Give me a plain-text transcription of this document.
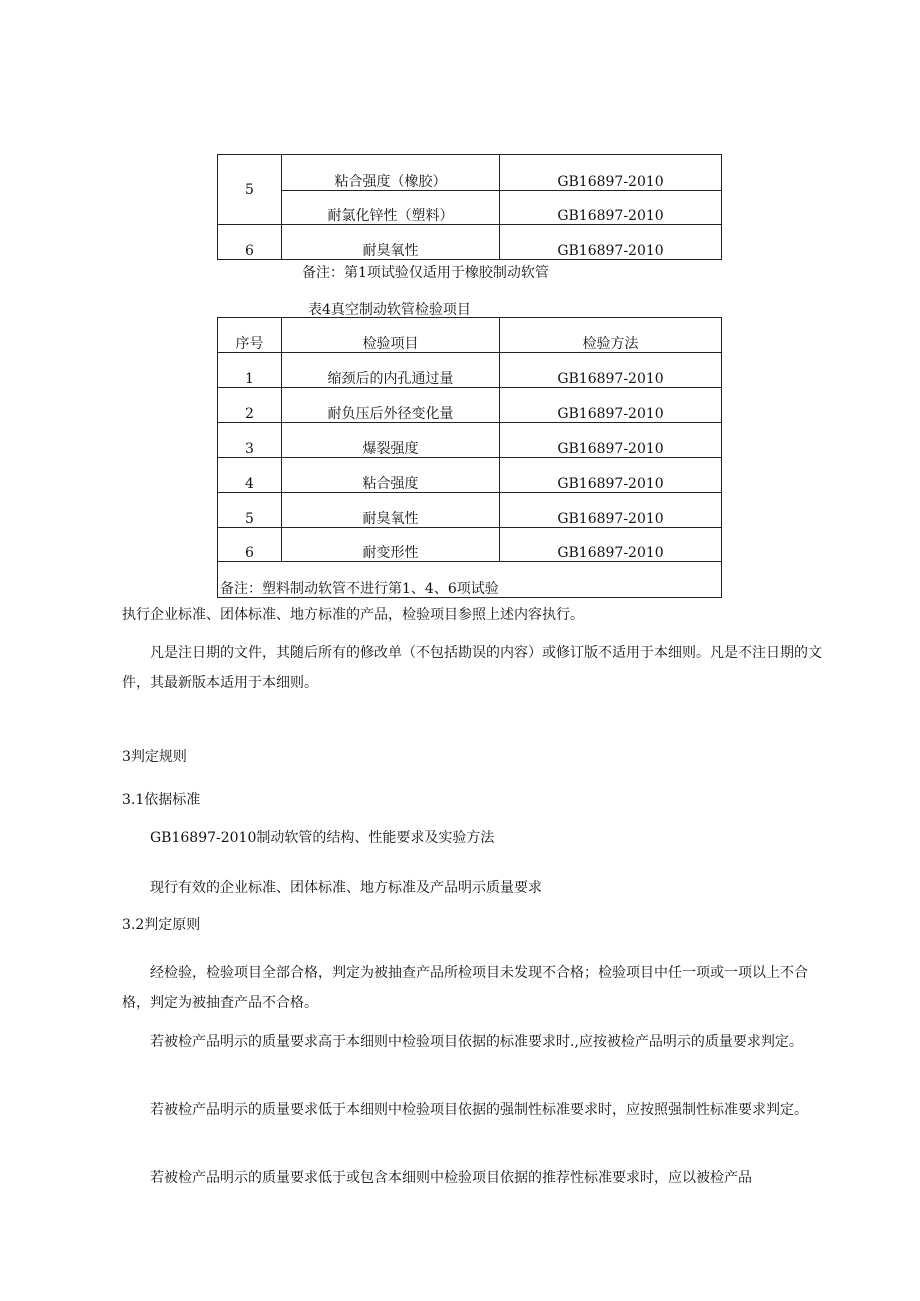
5	粘合强度（橡胶）	GB16897-2010
	耐氯化锌性（塑料）	GB16897-2010
6	耐臭氧性	GB16897-2010
备注：第1项试验仅适用于橡胶制动软管
表4真空制动软管检验项目
序号	检验项目	检验方法
1	缩颈后的内孔通过量	GB16897-2010
2	耐负压后外径变化量	GB16897-2010
3	爆裂强度	GB16897-2010
4	粘合强度	GB16897-2010
5	耐臭氧性	GB16897-2010
6	耐变形性	GB16897-2010
备注：塑料制动软管不进行第1、4、6项试验		
执行企业标准、团体标准、地方标准的产品，检验项目参照上述内容执行。
凡是注日期的文件，其随后所有的修改单（不包括勘误的内容）或修订版不适用于本细则。凡是不注日期的文件，其最新版本适用于本细则。
3判定规则
3.1依据标准
GB16897-2010制动软管的结构、性能要求及实验方法
现行有效的企业标准、团体标准、地方标准及产品明示质量要求
3.2判定原则
经检验，检验项目全部合格，判定为被抽查产品所检项目未发现不合格；检验项目中任一项或一项以上不合格，判定为被抽査产品不合格。
若被检产品明示的质量要求高于本细则中检验项目依据的标准要求时.,应按被检产品明示的质量要求判定。
若被检产品明示的质量要求低于本细则中检验项目依据的强制性标准要求时，应按照强制性标准要求判定。
若被检产品明示的质量要求低于或包含本细则中检验项目依据的推荐性标准要求时，应以被检产品
